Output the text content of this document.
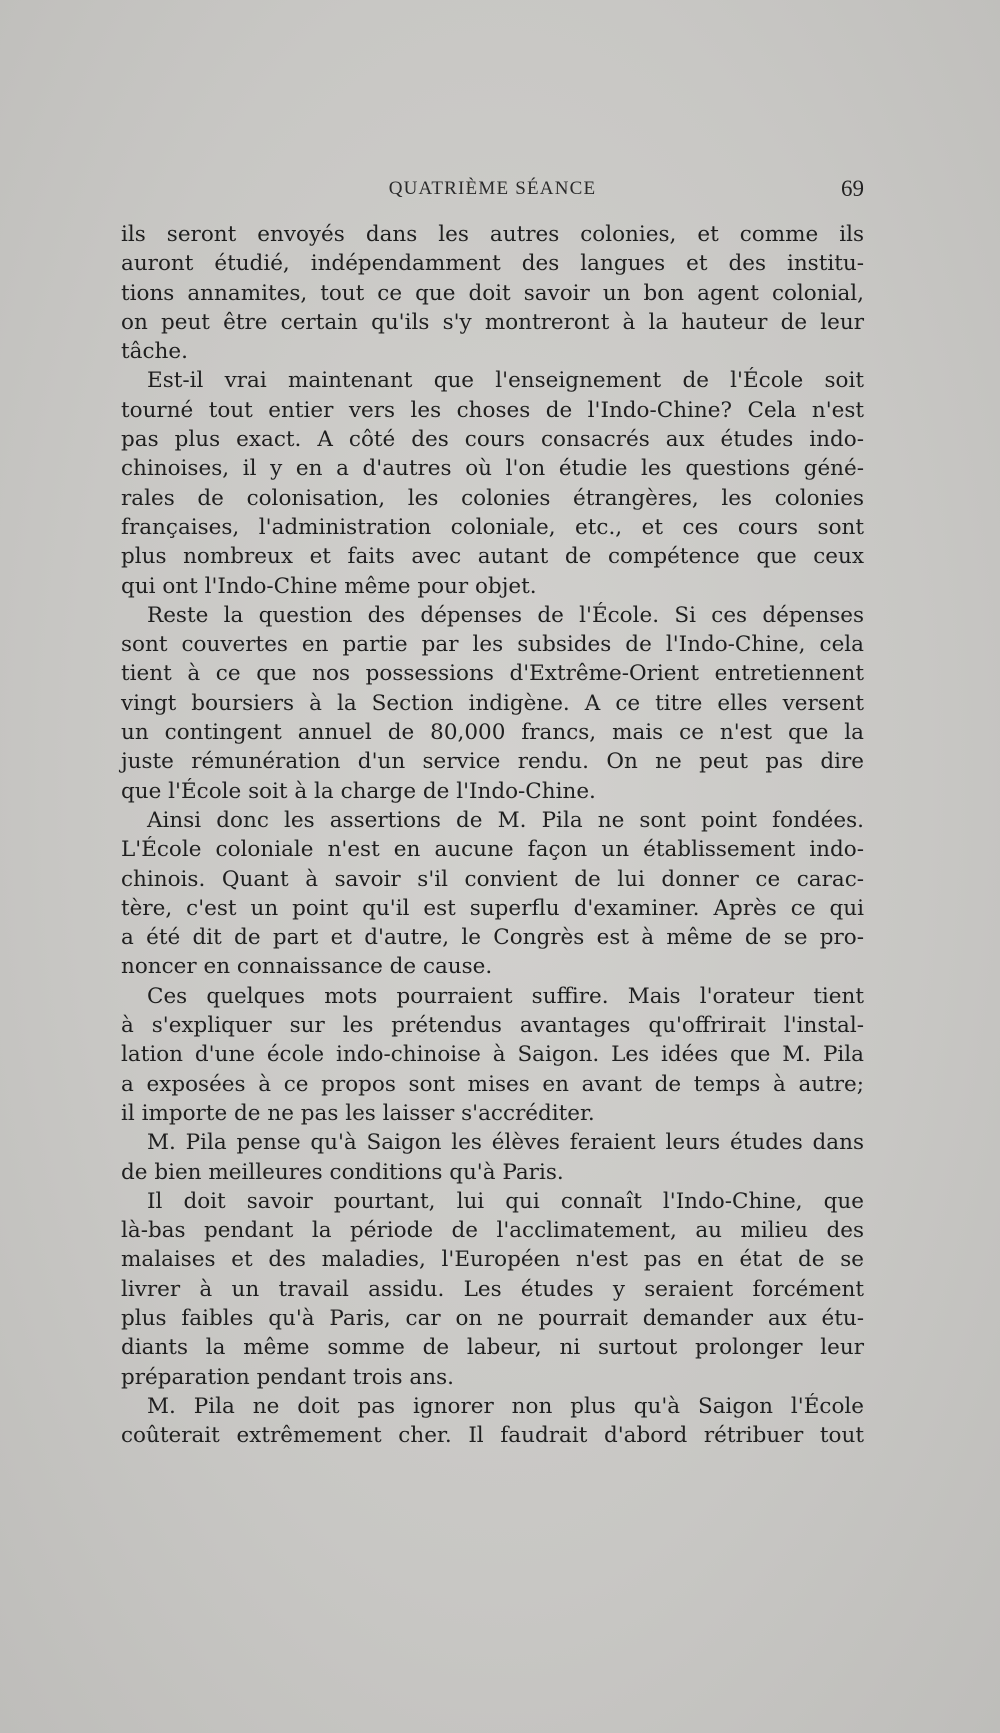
QUATRIÈME SÉANCE	69
ils seront envoyés dans les autres colonies, et comme ils
auront étudié, indépendamment des langues et des institu-
tions annamites, tout ce que doit savoir un bon agent colonial,
on peut être certain qu'ils s'y montreront à la hauteur de leur
tâche.
Est-il vrai maintenant que l'enseignement de l'École soit
tourné tout entier vers les choses de l'Indo-Chine? Cela n'est
pas plus exact. A côté des cours consacrés aux études indo-
chinoises, il y en a d'autres où l'on étudie les questions géné-
rales de colonisation, les colonies étrangères, les colonies
françaises, l'administration coloniale, etc., et ces cours sont
plus nombreux et faits avec autant de compétence que ceux
qui ont l'Indo-Chine même pour objet.
Reste la question des dépenses de l'École. Si ces dépenses
sont couvertes en partie par les subsides de l'Indo-Chine, cela
tient à ce que nos possessions d'Extrême-Orient entretiennent
vingt boursiers à la Section indigène. A ce titre elles versent
un contingent annuel de 80,000 francs, mais ce n'est que la
juste rémunération d'un service rendu. On ne peut pas dire
que l'École soit à la charge de l'Indo-Chine.
Ainsi donc les assertions de M. Pila ne sont point fondées.
L'École coloniale n'est en aucune façon un établissement indo-
chinois. Quant à savoir s'il convient de lui donner ce carac-
tère, c'est un point qu'il est superflu d'examiner. Après ce qui
a été dit de part et d'autre, le Congrès est à même de se pro-
noncer en connaissance de cause.
Ces quelques mots pourraient suffire. Mais l'orateur tient
à s'expliquer sur les prétendus avantages qu'offrirait l'instal-
lation d'une école indo-chinoise à Saigon. Les idées que M. Pila
a exposées à ce propos sont mises en avant de temps à autre;
il importe de ne pas les laisser s'accréditer.
M. Pila pense qu'à Saigon les élèves feraient leurs études dans
de bien meilleures conditions qu'à Paris.
Il doit savoir pourtant, lui qui connaît l'Indo-Chine, que
là-bas pendant la période de l'acclimatement, au milieu des
malaises et des maladies, l'Européen n'est pas en état de se
livrer à un travail assidu. Les études y seraient forcément
plus faibles qu'à Paris, car on ne pourrait demander aux étu-
diants la même somme de labeur, ni surtout prolonger leur
préparation pendant trois ans.
M. Pila ne doit pas ignorer non plus qu'à Saigon l'École
coûterait extrêmement cher. Il faudrait d'abord rétribuer tout
